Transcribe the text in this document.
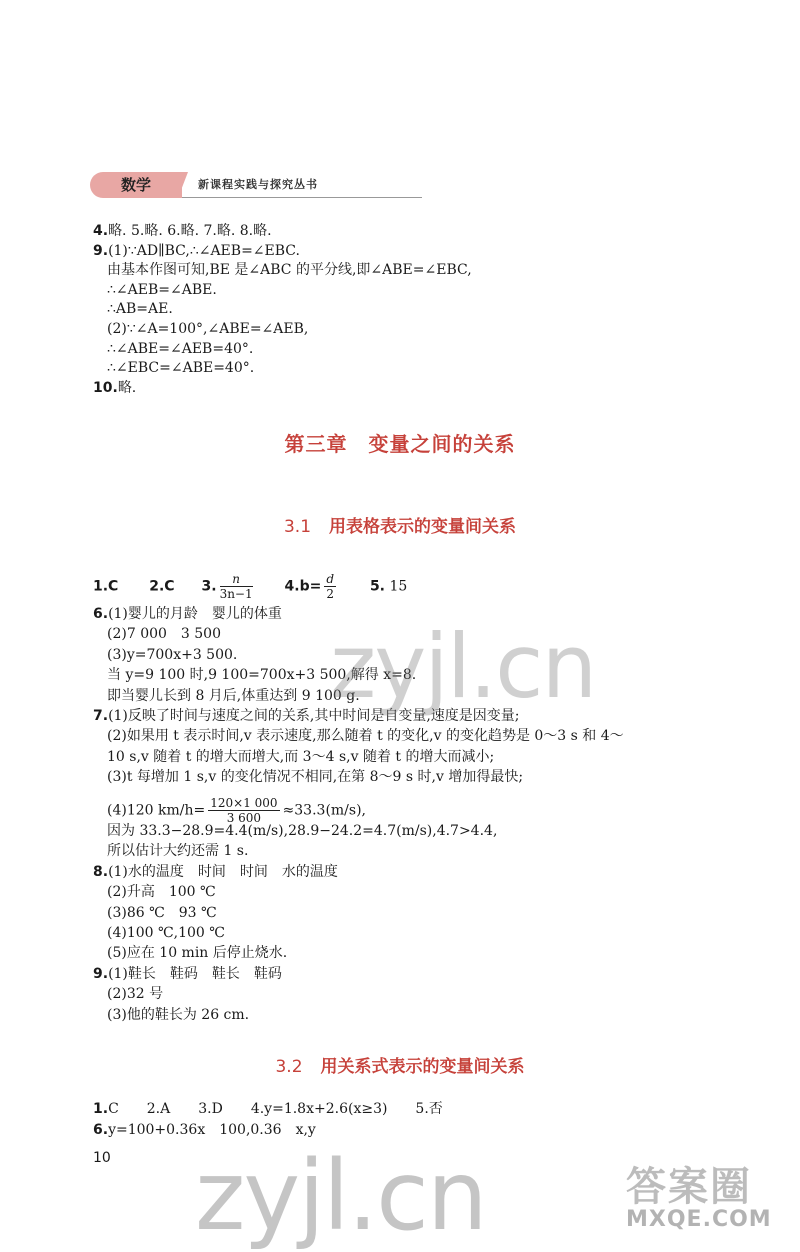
数学	新课程实践与探究丛书
4.略. 5.略. 6.略. 7.略. 8.略.
9.(1)∵AD∥BC,∴∠AEB=∠EBC.
由基本作图可知,BE 是∠ABC 的平分线,即∠ABE=∠EBC,
∴∠AEB=∠ABE.
∴AB=AE.
(2)∵∠A=100°,∠ABE=∠AEB,
∴∠ABE=∠AEB=40°.
∴∠EBC=∠ABE=40°.
10.略.
第三章　变量之间的关系
3.1 用表格表示的变量间关系
1.C 2.C 3. $\frac{n}{3n-1} 4.b= \frac{d}{2} 5$. 15
6.(1)婴儿的月龄　婴儿的体重
(2)7 000　3 500
(3)y=700x+3 500.
当 y=9 100 时,9 100=700x+3 500,解得 x=8.
即当婴儿长到 8 月后,体重达到 9 100 g.
7.(1)反映了时间与速度之间的关系,其中时间是自变量,速度是因变量;
(2)如果用 t 表示时间,v 表示速度,那么随着 t 的变化,v 的变化趋势是 0～3 s 和 4～
10 s,v 随着 t 的增大而增大,而 3～4 s,v 随着 t 的增大而减小;
(3)t 每增加 1 s,v 的变化情况不相同,在第 8～9 s 时,v 增加得最快;
(4)120 $km/h= \frac{120\times 1 000}{3 600} \approx 33.3(m/s)$,
因为 33.3−28.9=4.4(m/s),28.9−24.2=4.7(m/s),4.7>4.4,
所以估计大约还需 1 s.
8.(1)水的温度　时间　时间　水的温度
(2)升高　100 ℃
(3)86 ℃　93 ℃
(4)100 ℃,100 ℃
(5)应在 10 min 后停止烧水.
9.(1)鞋长　鞋码　鞋长　鞋码
(2)32 号
(3)他的鞋长为 26 cm.
3.2 用关系式表示的变量间关系
1.C　　2.A　　3.D　　4.y=1.8x+2.6(x≥3)　　5.否
6.y=100+0.36x　100,0.36　x,y
10
zyjl.cn
zyjl.cn	答案圈
MXQE.COM
